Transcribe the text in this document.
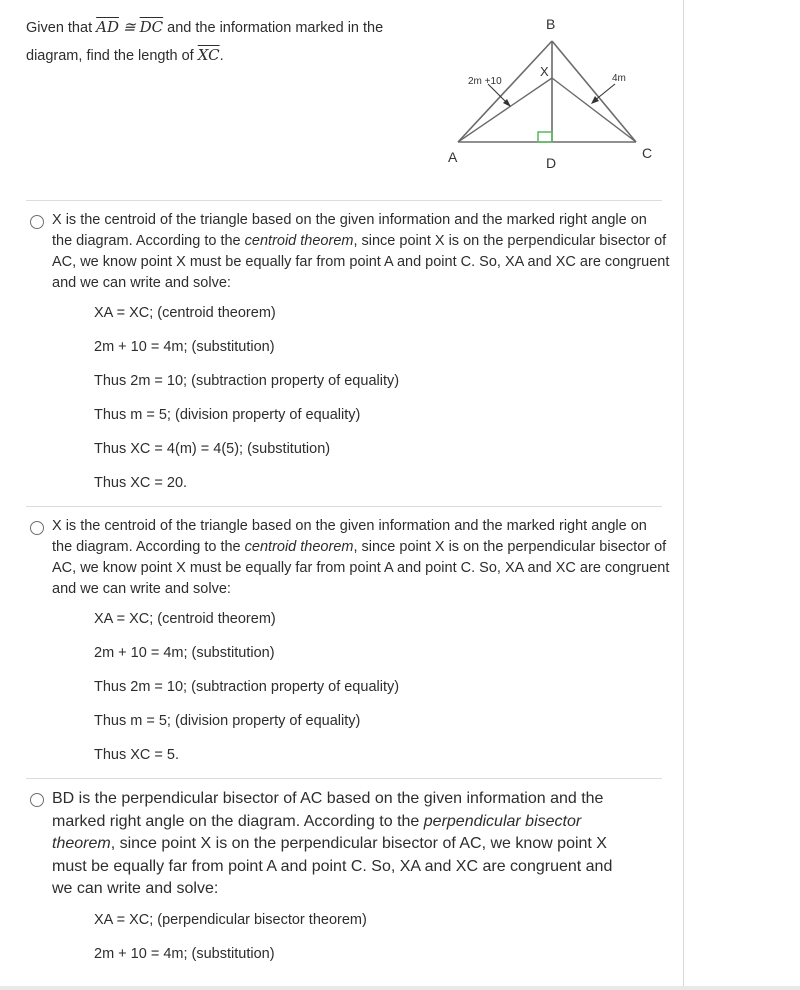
Given that $\overline{AD}$ ≅ $\overline{DC}$ and the information marked in the diagram, find the length of $\overline{XC}$.
B
X
2m +10	4m
A	D
C
X is the centroid of the triangle based on the given information and the marked right angle on the diagram. According to the centroid theorem, since point X is on the perpendicular bisector of AC, we know point X must be equally far from point A and point C. So, XA and XC are congruent and we can write and solve:
XA = XC; (centroid theorem)
2m + 10 = 4m; (substitution)
Thus 2m = 10; (subtraction property of equality)
Thus m = 5; (division property of equality)
Thus XC = 4(m) = 4(5); (substitution)
Thus XC = 20.
X is the centroid of the triangle based on the given information and the marked right angle on the diagram. According to the centroid theorem, since point X is on the perpendicular bisector of AC, we know point X must be equally far from point A and point C. So, XA and XC are congruent and we can write and solve:
XA = XC; (centroid theorem)
2m + 10 = 4m; (substitution)
Thus 2m = 10; (subtraction property of equality)
Thus m = 5; (division property of equality)
Thus XC = 5.
BD is the perpendicular bisector of AC based on the given information and the marked right angle on the diagram. According to the perpendicular bisector theorem, since point X is on the perpendicular bisector of AC, we know point X must be equally far from point A and point C. So, XA and XC are congruent and we can write and solve:
XA = XC; (perpendicular bisector theorem)
2m + 10 = 4m; (substitution)
